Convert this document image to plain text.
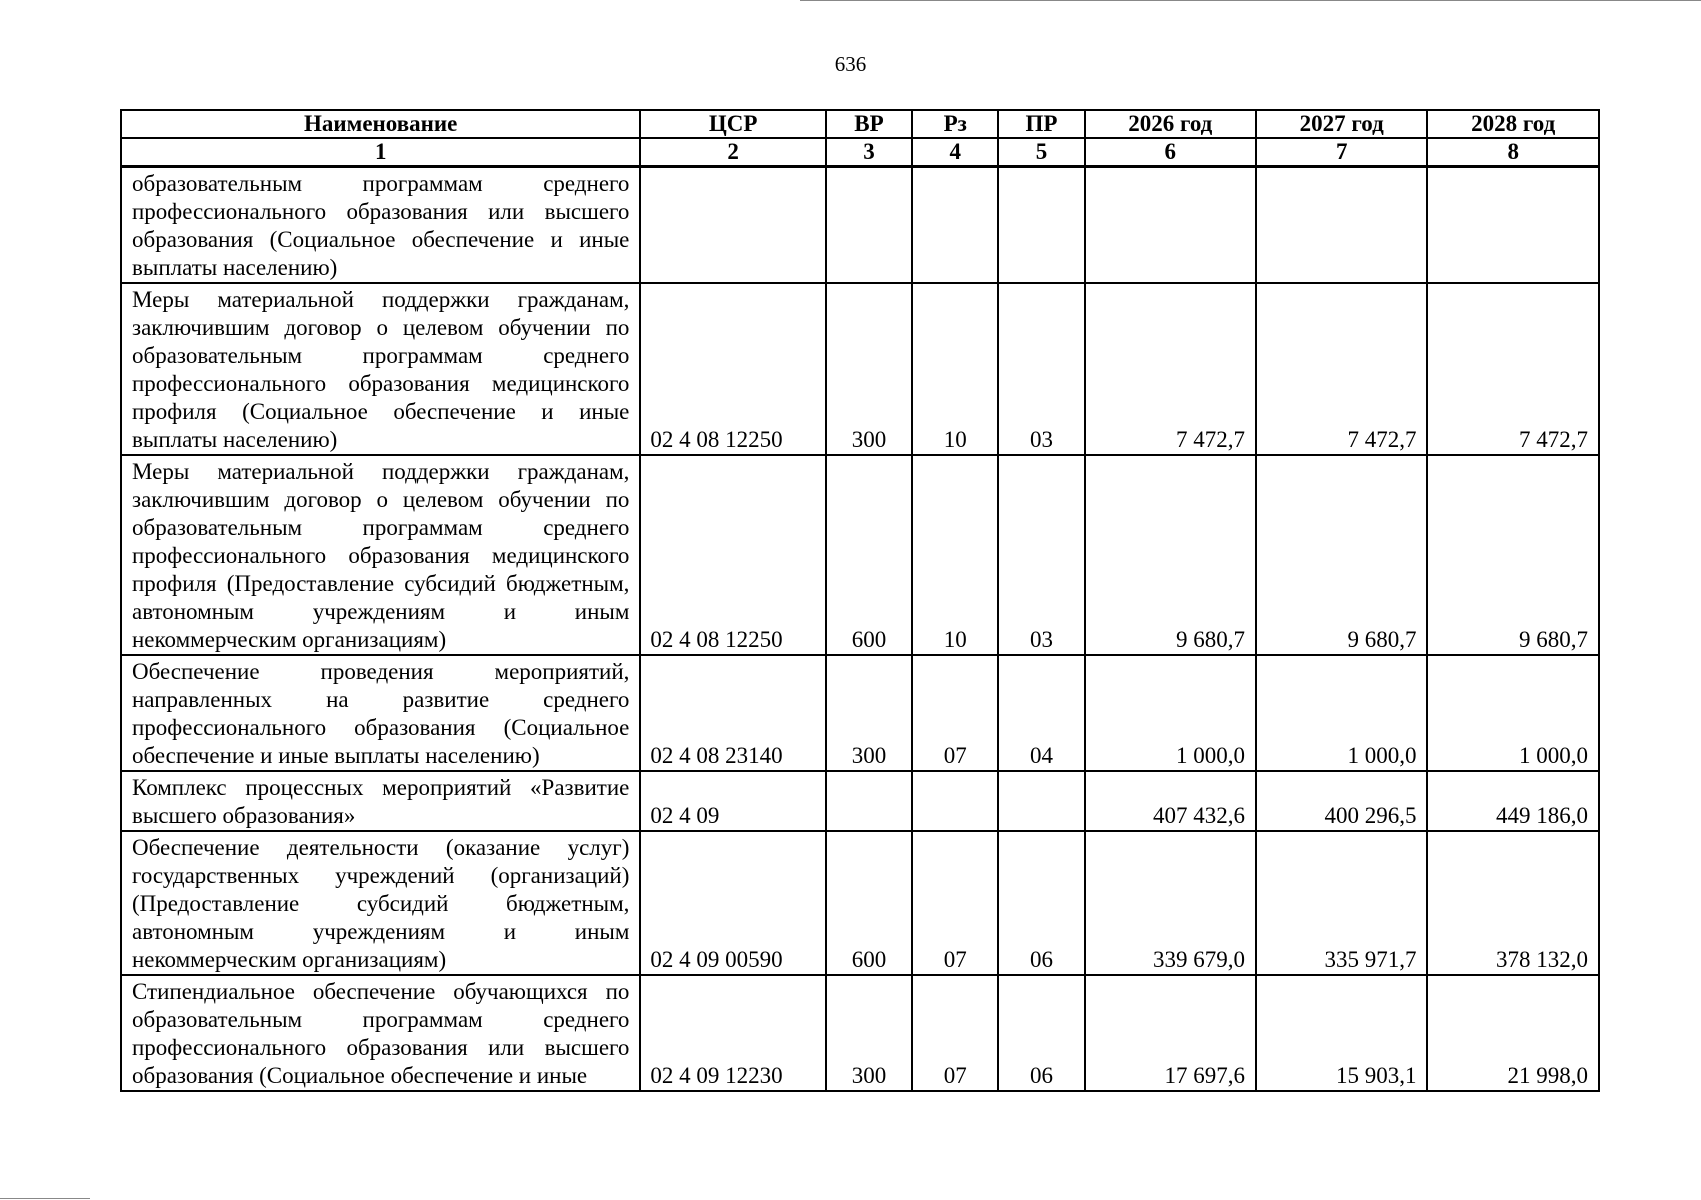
636
Наименование	ЦСР	ВР	Рз	ПР	2026 год	2027 год	2028 год
1	2	3	4	5	6	7	8
образовательным программам среднего профессионального образования или высшего образования (Социальное обеспечение и иные выплаты населению)							
Меры материальной поддержки гражданам, заключившим договор о целевом обучении по образовательным программам среднего профессионального образования медицинского профиля (Социальное обеспечение и иные выплаты населению)	02 4 08 12250	300	10	03	7 472,7	7 472,7	7 472,7
Меры материальной поддержки гражданам, заключившим договор о целевом обучении по образовательным программам среднего профессионального образования медицинского профиля (Предоставление субсидий бюджетным, автономным учреждениям и иным некоммерческим организациям)	02 4 08 12250	600	10	03	9 680,7	9 680,7	9 680,7
Обеспечение проведения мероприятий, направленных на развитие среднего профессионального образования (Социальное обеспечение и иные выплаты населению)	02 4 08 23140	300	07	04	1 000,0	1 000,0	1 000,0
Комплекс процессных мероприятий «Развитие высшего образования»	02 4 09				407 432,6	400 296,5	449 186,0
Обеспечение деятельности (оказание услуг) государственных учреждений (организаций) (Предоставление субсидий бюджетным, автономным учреждениям и иным некоммерческим организациям)	02 4 09 00590	600	07	06	339 679,0	335 971,7	378 132,0
Стипендиальное обеспечение обучающихся по образовательным программам среднего профессионального образования или высшего образования (Социальное обеспечение и иные	02 4 09 12230	300	07	06	17 697,6	15 903,1	21 998,0
